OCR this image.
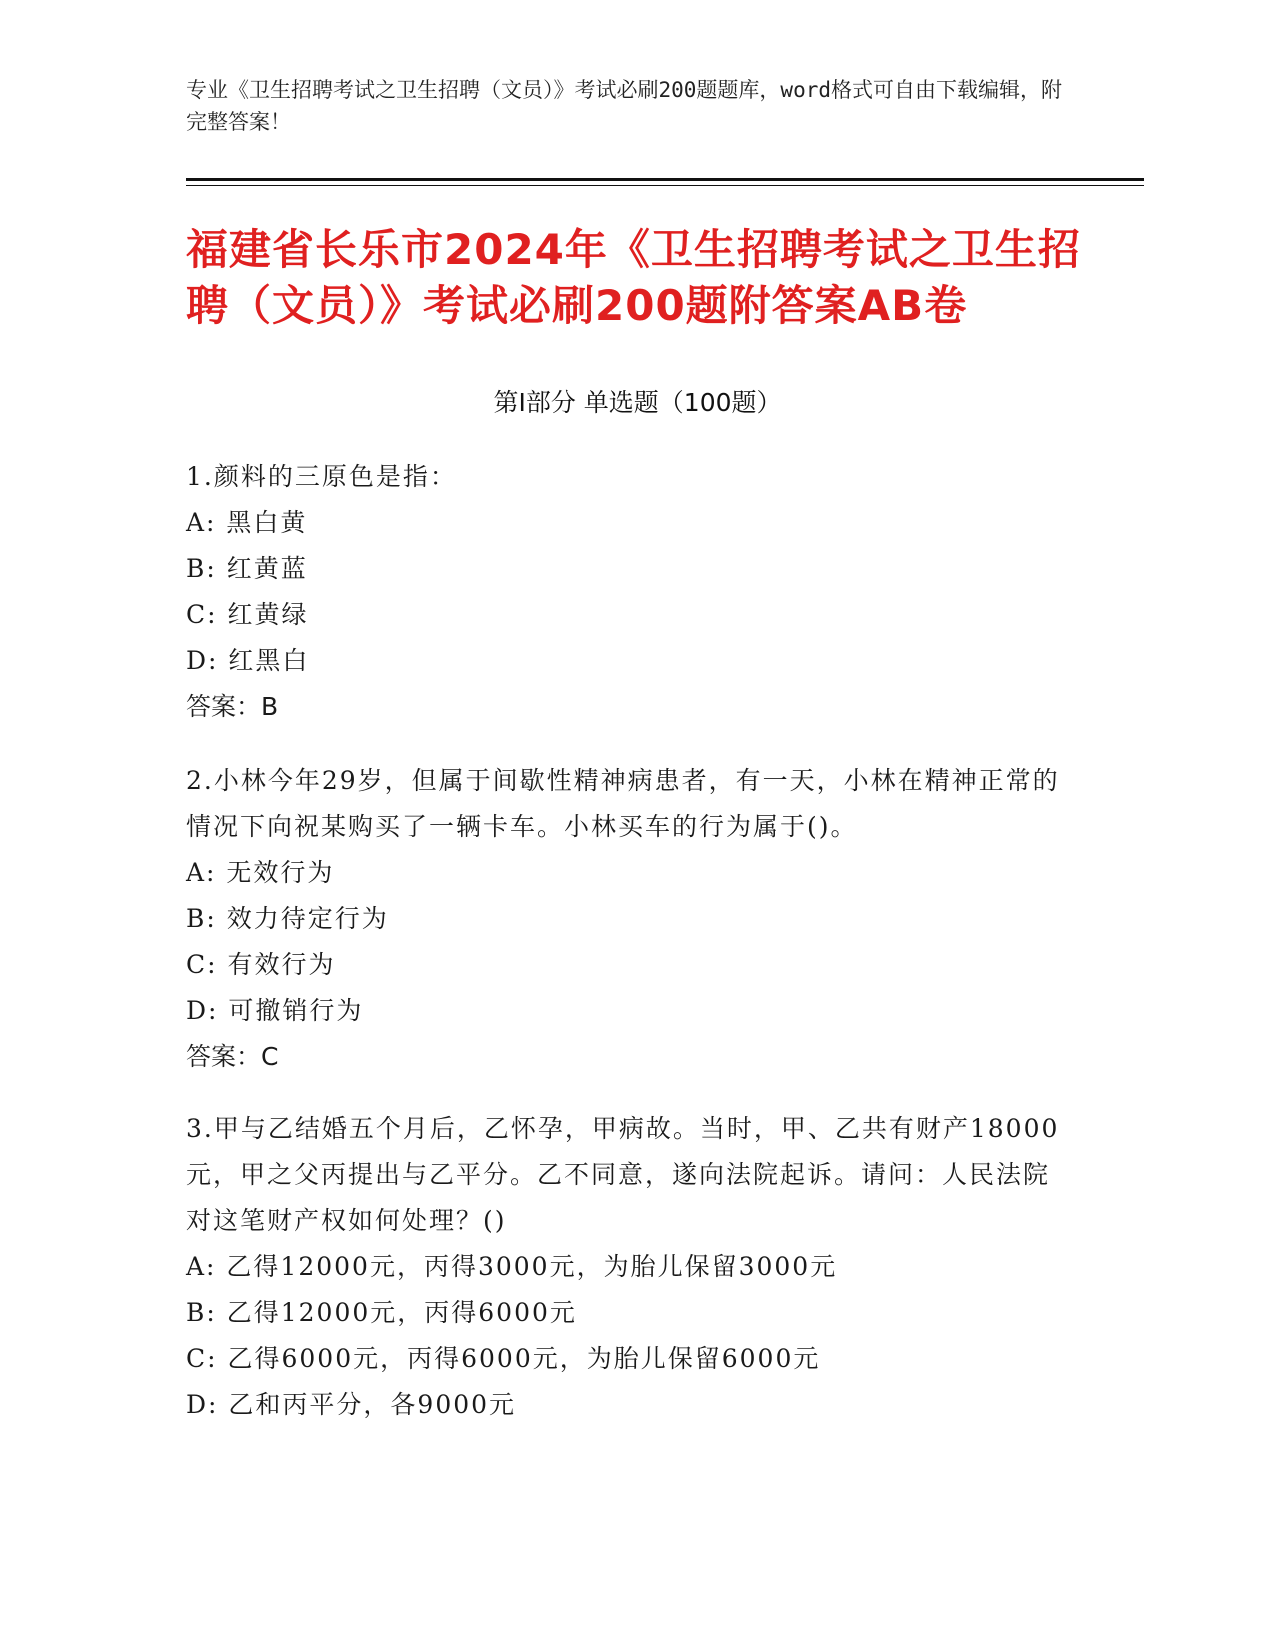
专业《卫生招聘考试之卫生招聘（文员）》考试必刷200题题库，word格式可自由下载编辑，附完整答案！
福建省长乐市2024年《卫生招聘考试之卫生招聘（文员）》考试必刷200题附答案AB卷
第Ⅰ部分 单选题（100题）
1.颜料的三原色是指：
A: 黑白黄
B: 红黄蓝
C: 红黄绿
D: 红黑白
答案：B
2.小林今年29岁，但属于间歇性精神病患者，有一天，小林在精神正常的情况下向祝某购买了一辆卡车。小林买车的行为属于()。
A: 无效行为
B: 效力待定行为
C: 有效行为
D: 可撤销行为
答案：C
3.甲与乙结婚五个月后，乙怀孕，甲病故。当时，甲、乙共有财产18000元，甲之父丙提出与乙平分。乙不同意，遂向法院起诉。请问：人民法院对这笔财产权如何处理？()
A: 乙得12000元，丙得3000元，为胎儿保留3000元
B: 乙得12000元，丙得6000元
C: 乙得6000元，丙得6000元，为胎儿保留6000元
D: 乙和丙平分，各9000元
